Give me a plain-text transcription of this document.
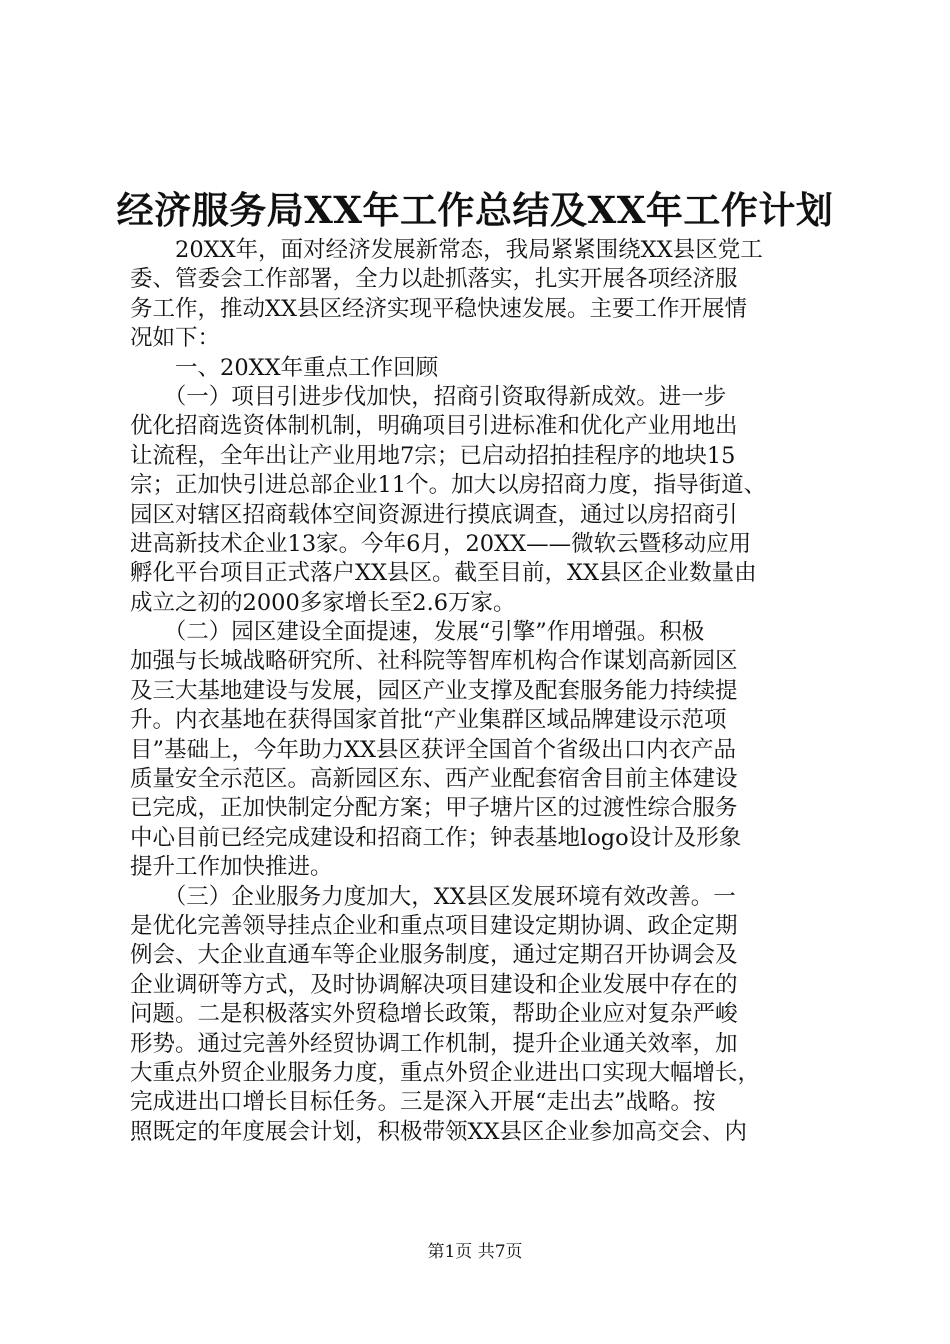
经济服务局XX年工作总结及XX年工作计划
　　20XX年，面对经济发展新常态，我局紧紧围绕XX县区党工
委、管委会工作部署，全力以赴抓落实，扎实开展各项经济服
务工作，推动XX县区经济实现平稳快速发展。主要工作开展情
况如下：
　　一、20XX年重点工作回顾
　　（一）项目引进步伐加快，招商引资取得新成效。进一步
优化招商选资体制机制，明确项目引进标准和优化产业用地出
让流程，全年出让产业用地7宗；已启动招拍挂程序的地块15
宗；正加快引进总部企业11个。加大以房招商力度，指导街道、
园区对辖区招商载体空间资源进行摸底调查，通过以房招商引
进高新技术企业13家。今年6月，20XX——微软云暨移动应用
孵化平台项目正式落户XX县区。截至目前，XX县区企业数量由
成立之初的2000多家增长至2.6万家。
　　（二）园区建设全面提速，发展“引擎”作用增强。积极
加强与长城战略研究所、社科院等智库机构合作谋划高新园区
及三大基地建设与发展，园区产业支撑及配套服务能力持续提
升。内衣基地在获得国家首批“产业集群区域品牌建设示范项
目”基础上，今年助力XX县区获评全国首个省级出口内衣产品
质量安全示范区。高新园区东、西产业配套宿舍目前主体建设
已完成，正加快制定分配方案；甲子塘片区的过渡性综合服务
中心目前已经完成建设和招商工作；钟表基地logo设计及形象
提升工作加快推进。
　　（三）企业服务力度加大，XX县区发展环境有效改善。一
是优化完善领导挂点企业和重点项目建设定期协调、政企定期
例会、大企业直通车等企业服务制度，通过定期召开协调会及
企业调研等方式，及时协调解决项目建设和企业发展中存在的
问题。二是积极落实外贸稳增长政策，帮助企业应对复杂严峻
形势。通过完善外经贸协调工作机制，提升企业通关效率，加
大重点外贸企业服务力度，重点外贸企业进出口实现大幅增长，
完成进出口增长目标任务。三是深入开展“走出去”战略。按
照既定的年度展会计划，积极带领XX县区企业参加高交会、内
第1页 共7页
